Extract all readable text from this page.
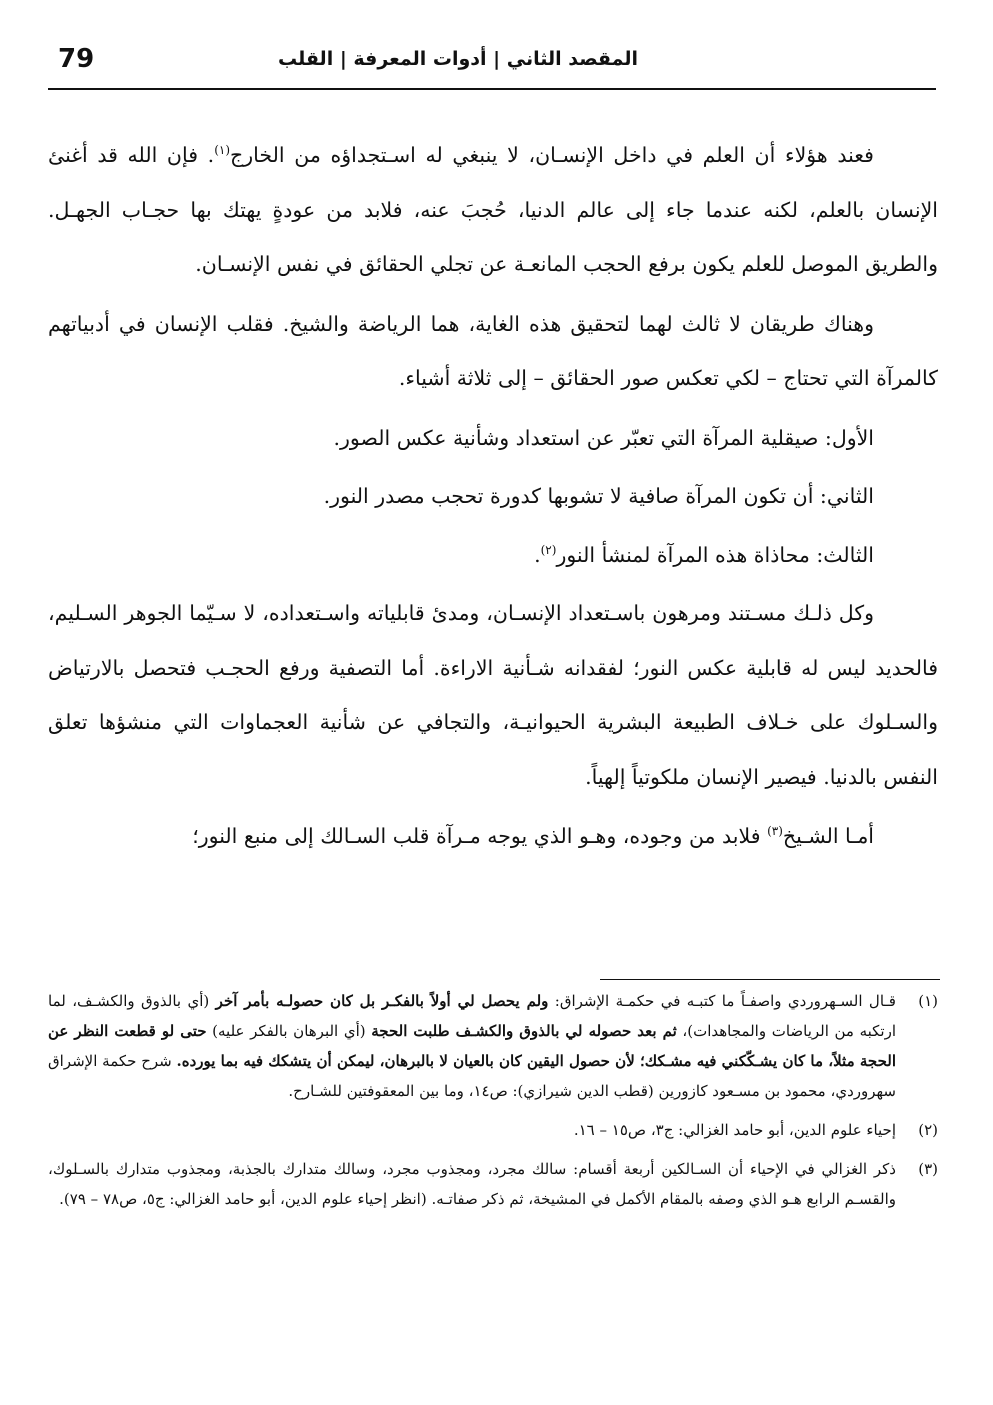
79	المقصد الثاني | أدوات المعرفة | القلب

فعند هؤلاء أن العلم في داخل الإنسـان، لا ينبغي له اسـتجداؤه من الخارج$^{(١)}$. فإن الله قد أغنئ الإنسان بالعلم، لكنه عندما جاء إلى عالم الدنيا، حُجبَ عنه، فلابد من عودةٍ يهتك بها حجـاب الجهـل. والطريق الموصل للعلم يكون برفع الحجب المانعـة عن تجلي الحقائق في نفس الإنسـان.

وهناك طريقان لا ثالث لهما لتحقيق هذه الغاية، هما الرياضة والشيخ. فقلب الإنسان في أدبياتهم كالمرآة التي تحتاج – لكي تعكس صور الحقائق – إلى ثلاثة أشياء.

الأول: صيقلية المرآة التي تعبّر عن استعداد وشأنية عكس الصور.

الثاني: أن تكون المرآة صافية لا تشوبها كدورة تحجب مصدر النور.

الثالث: محاذاة هذه المرآة لمنشأ النور$^{(٢)}$.

وكل ذلـك مسـتند ومرهون باسـتعداد الإنسـان، ومدئ قابلياته واسـتعداده، لا سـيّما الجوهر السـليم، فالحديد ليس له قابلية عكس النور؛ لفقدانه شـأنية الاراءة. أما التصفية ورفع الحجـب فتحصل بالارتياض والسـلوك على خـلاف الطبيعة البشرية الحيوانيـة، والتجافي عن شأنية العجماوات التي منشؤها تعلق النفس بالدنيا. فيصير الإنسان ملكوتياً إلهياً.

أمـا الشـيخ$^{(٣)}$ فلابد من وجوده، وهـو الذي يوجه مـرآة قلب السـالك إلى منبع النور؛

(١)
قـال السـهروردي واصفـاً ما كتبـه في حكمـة الإشراق: ولم يحصل لي أولاً بالفكـر بل كان حصولـه بأمر آخر (أي بالذوق والكشـف، لما ارتكبه من الرياضات والمجاهدات)، ثم بعد حصوله لي بالذوق والكشـف طلبت الحجة (أي البرهان بالفكر عليه) حتى لو قطعت النظر عن الحجة مثلاً، ما كان يشـكّكني فيه مشـكك؛ لأن حصول اليقين كان بالعيان لا بالبرهان، ليمكن أن يتشكك فيه بما يورده. شرح حكمة الإشراق سهروردي، محمود بن مسـعود كازورين (قطب الدين شيرازي): ص١٤، وما بين المعقوفتين للشـارح.
(٢)
إحياء علوم الدين، أبو حامد الغزالي: ج٣، ص١٥ – ١٦.
(٣)
ذكر الغزالي في الإحياء أن السـالكين أربعة أقسام: سالك مجرد، ومجذوب مجرد، وسالك متدارك بالجذبة، ومجذوب متدارك بالسـلوك، والقسـم الرابع هـو الذي وصفه بالمقام الأكمل في المشيخة، ثم ذكر صفاتـه. (انظر إحياء علوم الدين، أبو حامد الغزالي: ج٥، ص٧٨ – ٧٩).
